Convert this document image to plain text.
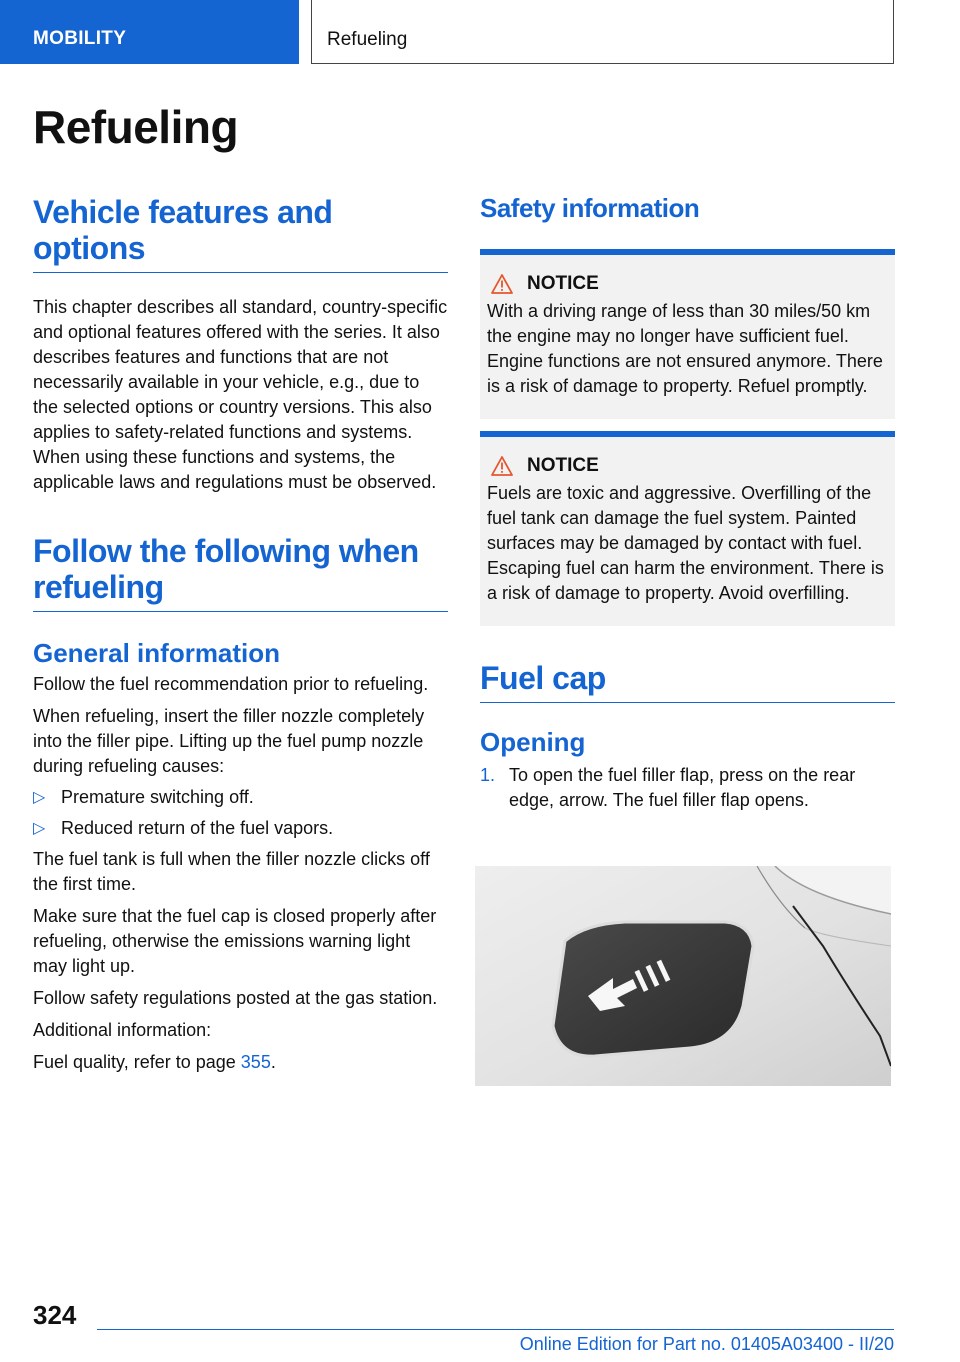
MOBILITY	Refueling
Refueling
Vehicle features and options

This chapter describes all standard, country-specific and optional features offered with the series. It also describes features and functions that are not necessarily available in your vehicle, e.g., due to the selected options or country versions. This also applies to safety-related functions and systems. When using these functions and systems, the applicable laws and regulations must be observed.

Follow the following when refueling
General information

Follow the fuel recommendation prior to refueling.

When refueling, insert the filler nozzle completely into the filler pipe. Lifting up the fuel pump nozzle during refueling causes:

▷ Premature switching off.
▷ Reduced return of the fuel vapors.

The fuel tank is full when the filler nozzle clicks off the first time.

Make sure that the fuel cap is closed properly after refueling, otherwise the emissions warning light may light up.

Follow safety regulations posted at the gas station.

Additional information:

Fuel quality, refer to page 355.

Safety information
NOTICE

With a driving range of less than 30 miles/50 km the engine may no longer have sufficient fuel. Engine functions are not ensured anymore. There is a risk of damage to property. Refuel promptly.

NOTICE

Fuels are toxic and aggressive. Overfilling of the fuel tank can damage the fuel system. Painted surfaces may be damaged by contact with fuel. Escaping fuel can harm the environment. There is a risk of damage to property. Avoid overfilling.

Fuel cap
Opening
1. To open the fuel filler flap, press on the rear edge, arrow. The fuel filler flap opens.
324
Online Edition for Part no. 01405A03400 - II/20
